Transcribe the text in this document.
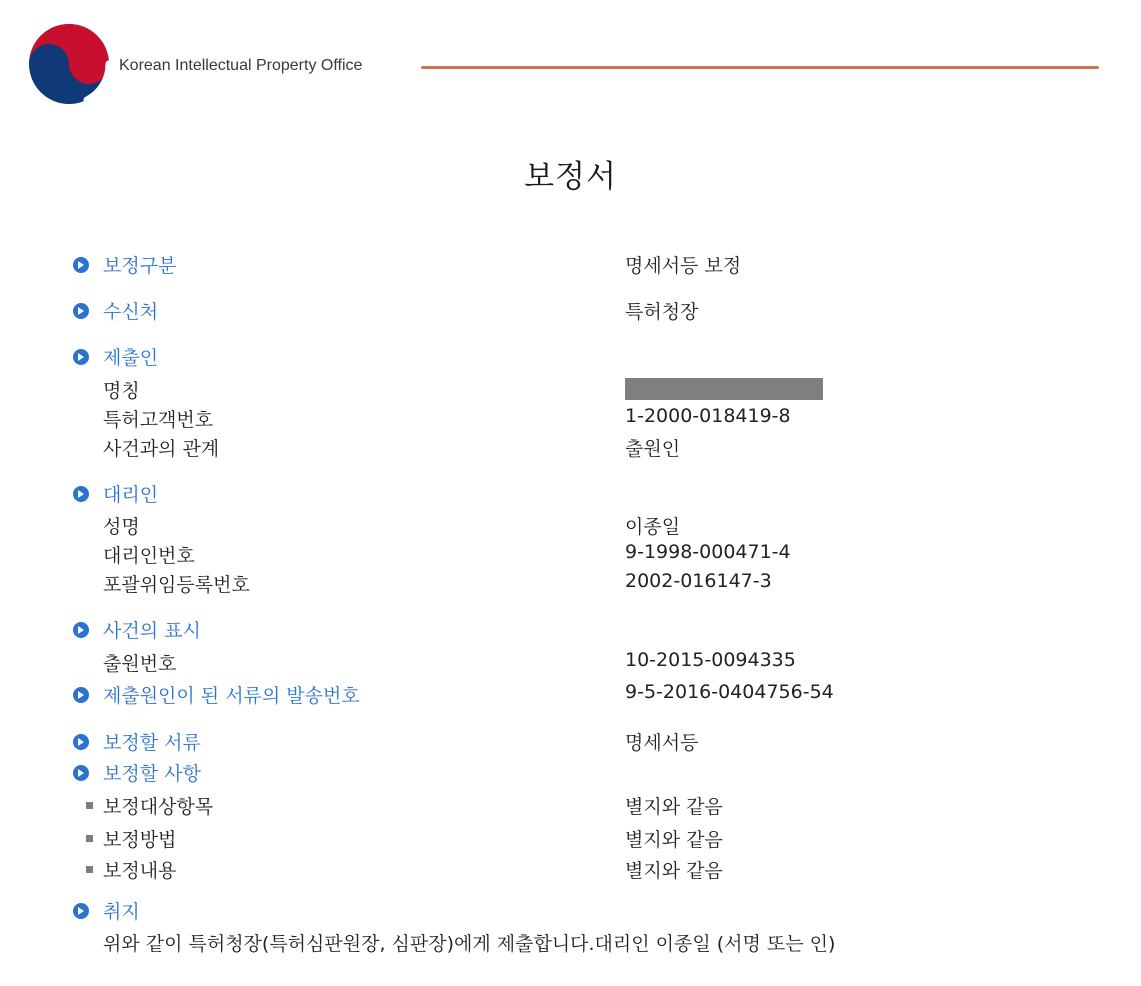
Korean Intellectual Property Office
보정서
보정구분	명세서등 보정
수신처	특허청장
제출인
명칭
특허고객번호	1-2000-018419-8
사건과의 관계	출원인
대리인
성명	이종일
대리인번호	9-1998-000471-4
포괄위임등록번호	2002-016147-3
사건의 표시
출원번호	10-2015-0094335
제출원인이 된 서류의 발송번호	9-5-2016-0404756-54
보정할 서류	명세서등
보정할 사항
보정대상항목	별지와 같음
보정방법	별지와 같음
보정내용	별지와 같음
취지
위와 같이 특허청장(특허심판원장, 심판장)에게 제출합니다.대리인 이종일 (서명 또는 인)
